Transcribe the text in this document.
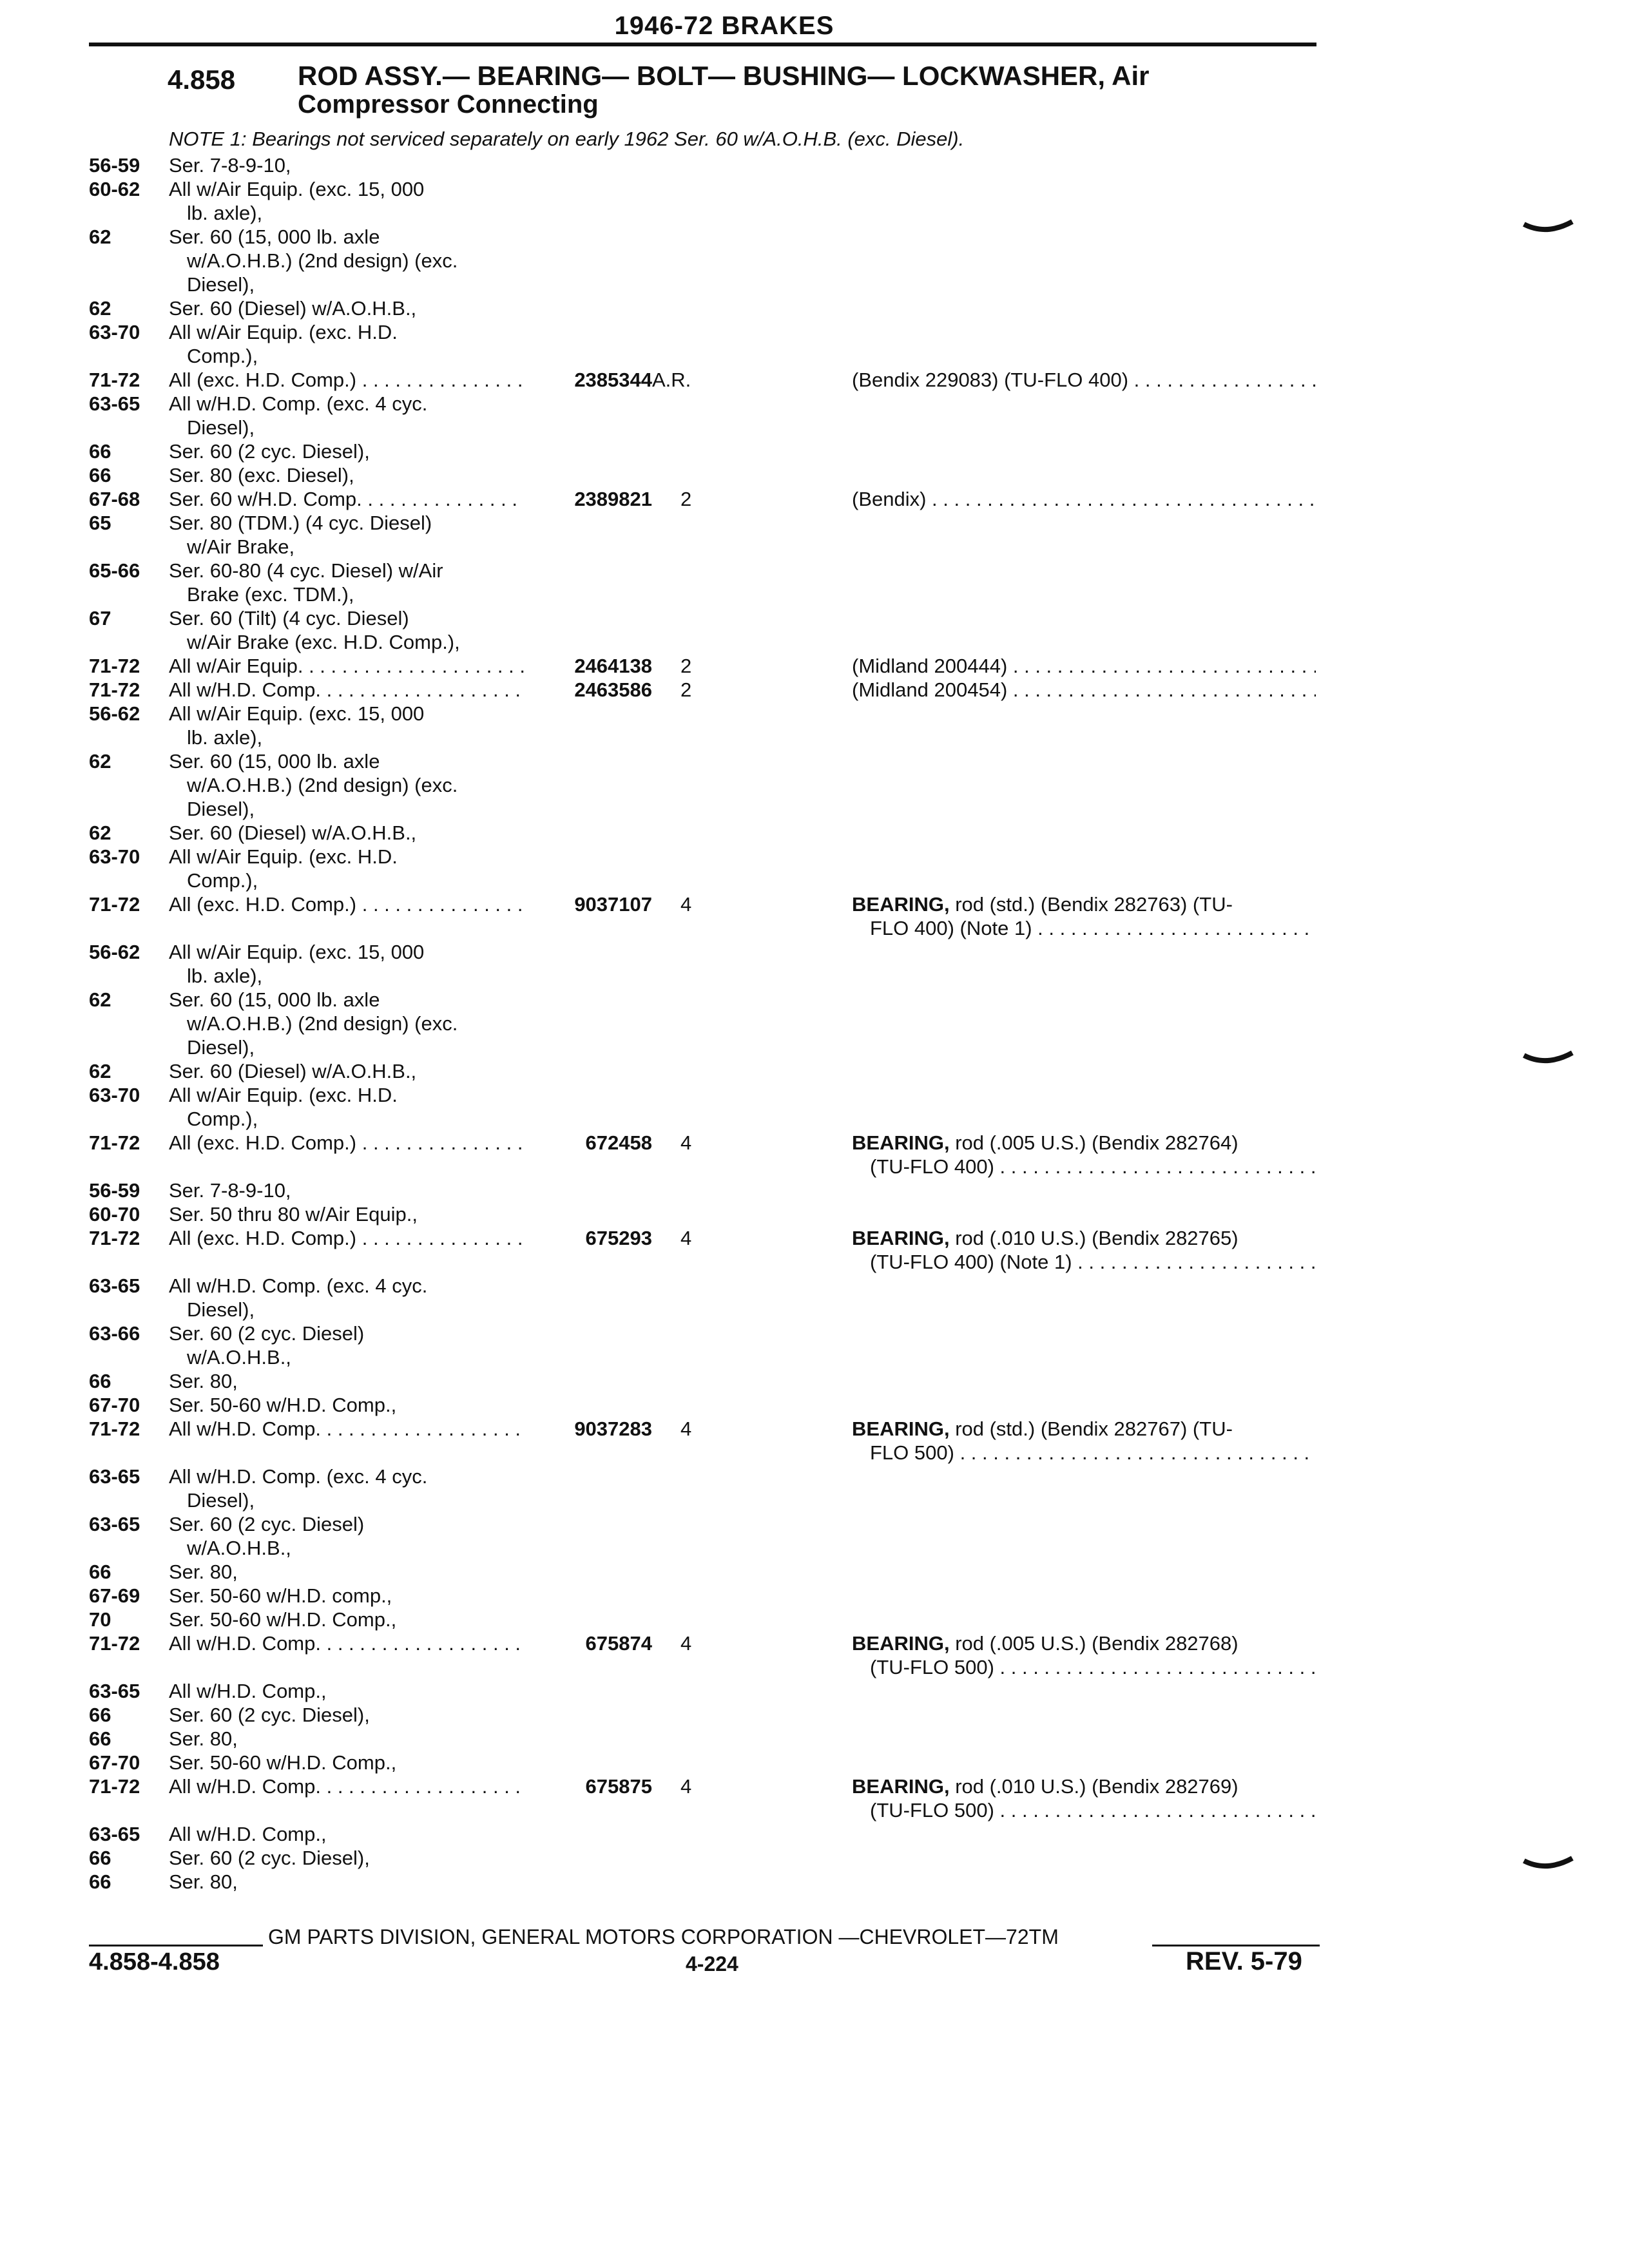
1946-72 BRAKES
4.858 ROD ASSY.— BEARING— BOLT— BUSHING— LOCKWASHER, Air
Compressor Connecting
NOTE 1: Bearings not serviced separately on early 1962 Ser. 60 w/A.O.H.B. (exc. Diesel).
56-59	Ser. 7-8-9-10,
60-62	All w/Air Equip. (exc. 15, 000
lb. axle),
62	Ser. 60 (15, 000 lb. axle
w/A.O.H.B.) (2nd design) (exc.
Diesel),
62	Ser. 60 (Diesel) w/A.O.H.B.,
63-70	All w/Air Equip. (exc. H.D.
Comp.),
71-72	All (exc. H.D. Comp.) . . .	2385344 A.R.	(Bendix 229083) (TU-FLO 400) . . .
63-65	All w/H.D. Comp. (exc. 4 cyc.
Diesel),
66	Ser. 60 (2 cyc. Diesel),
66	Ser. 80 (exc. Diesel),
67-68	Ser. 60 w/H.D. Comp. . . .	2389821 2	(Bendix) . . .
65	Ser. 80 (TDM.) (4 cyc. Diesel)
w/Air Brake,
65-66	Ser. 60-80 (4 cyc. Diesel) w/Air
Brake (exc. TDM.),
67	Ser. 60 (Tilt) (4 cyc. Diesel)
w/Air Brake (exc. H.D. Comp.),
71-72	All w/Air Equip. . . .	2464138 2	(Midland 200444) . . .
71-72	All w/H.D. Comp. . . .	2463586 2	(Midland 200454) . . .
56-62	All w/Air Equip. (exc. 15, 000
lb. axle),
62	Ser. 60 (15, 000 lb. axle
w/A.O.H.B.) (2nd design) (exc.
Diesel),
62	Ser. 60 (Diesel) w/A.O.H.B.,
63-70	All w/Air Equip. (exc. H.D.
Comp.),
71-72	All (exc. H.D. Comp.) . . .	9037107 4	BEARING, rod (std.) (Bendix 282763) (TU-
FLO 400) (Note 1) . . .
56-62	All w/Air Equip. (exc. 15, 000
lb. axle),
62	Ser. 60 (15, 000 lb. axle
w/A.O.H.B.) (2nd design) (exc.
Diesel),
62	Ser. 60 (Diesel) w/A.O.H.B.,
63-70	All w/Air Equip. (exc. H.D.
Comp.),
71-72	All (exc. H.D. Comp.) . . .	672458 4	BEARING, rod (.005 U.S.) (Bendix 282764)
(TU-FLO 400) . . .
56-59	Ser. 7-8-9-10,
60-70	Ser. 50 thru 80 w/Air Equip.,
71-72	All (exc. H.D. Comp.) . . .	675293 4	BEARING, rod (.010 U.S.) (Bendix 282765)
(TU-FLO 400) (Note 1) . . .
63-65	All w/H.D. Comp. (exc. 4 cyc.
Diesel),
63-66	Ser. 60 (2 cyc. Diesel)
w/A.O.H.B.,
66	Ser. 80,
67-70	Ser. 50-60 w/H.D. Comp.,
71-72	All w/H.D. Comp. . . .	9037283 4	BEARING, rod (std.) (Bendix 282767) (TU-
FLO 500) . . .
63-65	All w/H.D. Comp. (exc. 4 cyc.
Diesel),
63-65	Ser. 60 (2 cyc. Diesel)
w/A.O.H.B.,
66	Ser. 80,
67-69	Ser. 50-60 w/H.D. comp.,
70	Ser. 50-60 w/H.D. Comp.,
71-72	All w/H.D. Comp. . . .	675874 4	BEARING, rod (.005 U.S.) (Bendix 282768)
(TU-FLO 500) . . .
63-65	All w/H.D. Comp.,
66	Ser. 60 (2 cyc. Diesel),
66	Ser. 80,
67-70	Ser. 50-60 w/H.D. Comp.,
71-72	All w/H.D. Comp. . . .	675875 4	BEARING, rod (.010 U.S.) (Bendix 282769)
(TU-FLO 500) . . .
63-65	All w/H.D. Comp.,
66	Ser. 60 (2 cyc. Diesel),
66	Ser. 80,
GM PARTS DIVISION, GENERAL MOTORS CORPORATION —CHEVROLET—72TM
4.858-4.858	4-224	REV. 5-79
